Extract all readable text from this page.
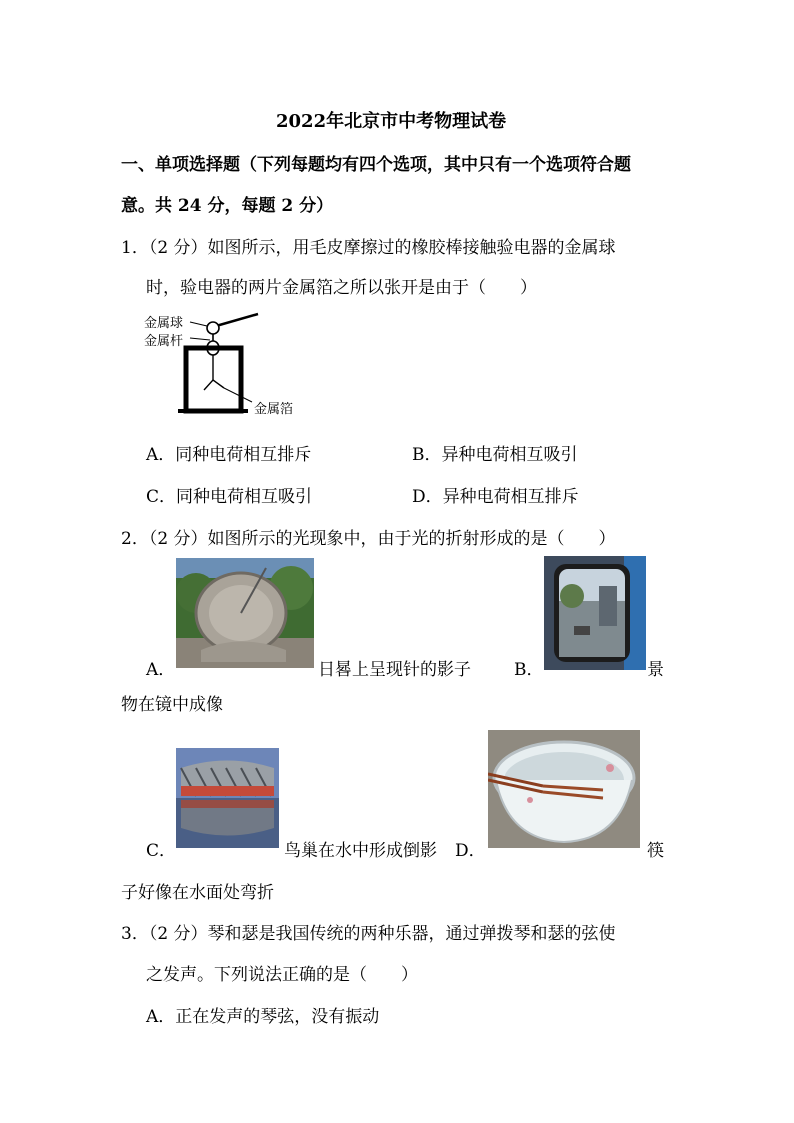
2022年北京市中考物理试卷
一、单项选择题（下列每题均有四个选项，其中只有一个选项符合题
意。共 24 分，每题 2 分）
1．（2 分）如图所示，用毛皮摩擦过的橡胶棒接触验电器的金属球
时，验电器的两片金属箔之所以张开是由于（　　）
金属球
金属杆
金属箔
A．同种电荷相互排斥	B．异种电荷相互吸引
C．同种电荷相互吸引	D．异种电荷相互排斥
2．（2 分）如图所示的光现象中，由于光的折射形成的是（　　）
A．	日晷上呈现针的影子	B．	景
物在镜中成像
C．	鸟巢在水中形成倒影 D．	筷
子好像在水面处弯折
3．（2 分）琴和瑟是我国传统的两种乐器，通过弹拨琴和瑟的弦使
之发声。下列说法正确的是（　　）
A．正在发声的琴弦，没有振动
